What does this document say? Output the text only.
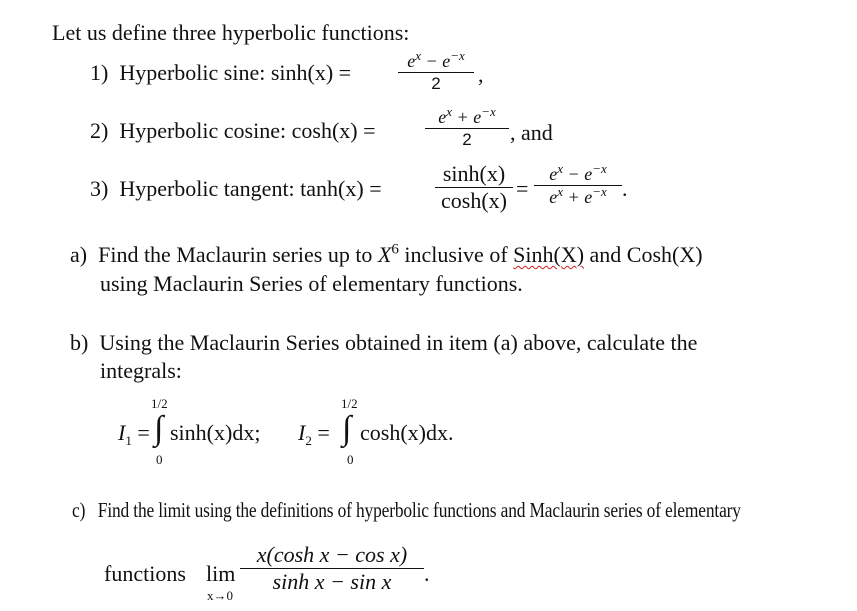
Let us define three hyperbolic functions:
1) Hyperbolic sine: sinh(x) =	$e^x - e^{-x}$
2	,
2) Hyperbolic cosine: cosh(x) =
$e^x + e^{-x}$
2	, and
3) Hyperbolic tangent: tanh(x) =
sinh(x)
cosh(x) =
$e^x - e^{-x}$
$e^x + e^{-x}$ .
a) Find the Maclaurin series up to $X^6$ inclusive of Sinh(X) and Cosh(X)
using Maclaurin Series of elementary functions.
b) Using the Maclaurin Series obtained in item (a) above, calculate the
integrals:
1/2
0
$I_1$ = ∫ sinh(x)dx;
1/2
0
$I_2$ = ∫ cosh(x)dx.
c) Find the limit using the definitions of hyperbolic functions and Maclaurin series of elementary
functions lim
x→0
x(cosh x − cos x)
sinh x − sin x	.
